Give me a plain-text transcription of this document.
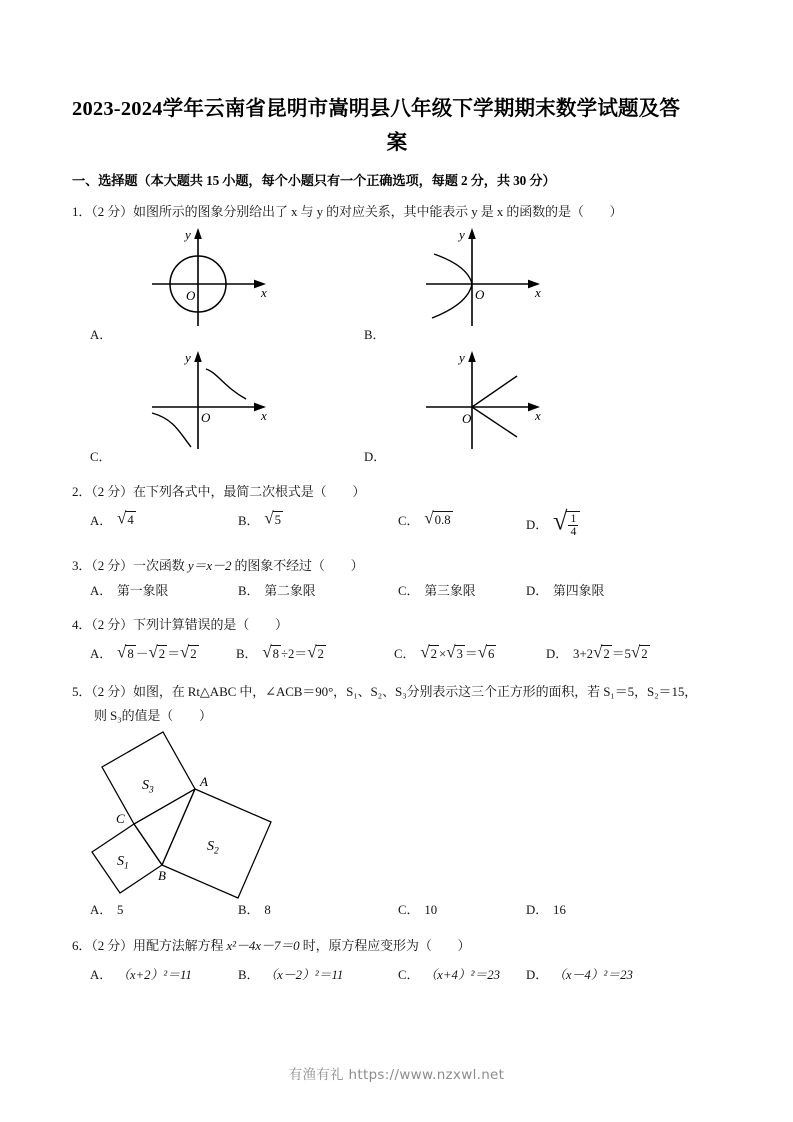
2023-2024学年云南省昆明市嵩明县八年级下学期期末数学试题及答
案
一、选择题（本大题共 15 小题，每个小题只有一个正确选项，每题 2 分，共 30 分）
1．（2 分）如图所示的图象分别给出了 x 与 y 的对应关系，其中能表示 y 是 x 的函数的是（　　）
O	x
y
A．
O	x
y
B．
O	x
y
C．
O	x
y
D．
2．（2 分）在下列各式中，最简二次根式是（　　）
A． √ 4	B． √ 5	C． √ 0.8	D． √ $\frac{1}{4}$
3．（2 分）一次函数 y＝x－2 的图象不经过（　　）
A． 第一象限	B． 第二象限	C． 第三象限	D． 第四象限
4．（2 分）下列计算错误的是（　　）
A． √ 8 － √ 2 ＝ √ 2	B． √ 8 ÷2＝ √ 2	C． √ 2 × √ 3 ＝ √ 6	D． 3+2 √ 2 ＝5 √ 2
5．（2 分）如图，在 Rt△ABC 中，∠ACB＝90°，S₁、S₂、S₃分别表示这三个正方形的面积，若 S₁＝5，S₂＝15，
则 S₃的值是（　　）
A
B
C
$S_3$
$S_2$
$S_1$
A． 5	B． 8	C． 10	D． 16
6．（2 分）用配方法解方程 x²－4x－7＝0 时，原方程应变形为（　　）
A． （x+2）²＝11	B． （x－2）²＝11	C． （x+4）²＝23 D． （x－4）²＝23
有渔有礼 https://www.nzxwl.net
